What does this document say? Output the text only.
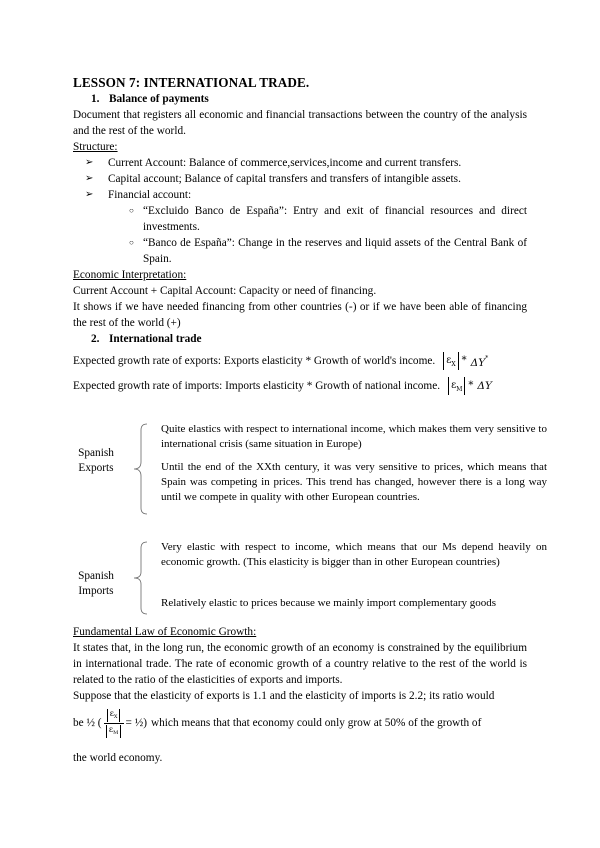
LESSON 7: INTERNATIONAL TRADE.

1. Balance of payments

Document that registers all economic and financial transactions between the country of the analysis and the rest of the world.

Structure:

➢ Current Account: Balance of commerce,services,income and current transfers.
➢ Capital account; Balance of capital transfers and transfers of intangible assets.
➢ Financial account:
○ “Excluido Banco de España”: Entry and exit of financial resources and direct investments.
○ “Banco de España”: Change in the reserves and liquid assets of the Central Bank of Spain.

Economic Interpretation:

Current Account + Capital Account: Capacity or need of financing.

It shows if we have needed financing from other countries (-) or if we have been able of financing the rest of the world (+)

2. International trade

Expected growth rate of exports: Exports elasticity * Growth of world's income.	$\varepsilon_X * \Delta Y^*$
Expected growth rate of imports: Imports elasticity * Growth of national income.	$\varepsilon_M$ * ΔY
Spanish
Exports

Quite elastics with respect to international income, which makes them very sensitive to international crisis (same situation in Europe)

Until the end of the XXth century, it was very sensitive to prices, which means that Spain was competing in prices. This trend has changed, however there is a long way until we compete in quality with other European countries.

Spanish
Imports

Very elastic with respect to income, which means that our Ms depend heavily on economic growth. (This elasticity is bigger than in other European countries)

Relatively elastic to prices because we mainly import complementary goods

Fundamental Law of Economic Growth:

It states that, in the long run, the economic growth of an economy is constrained by the equilibrium in international trade. The rate of economic growth of a country relative to the rest of the world is related to the ratio of the elasticities of exports and imports.

Suppose that the elasticity of exports is 1.1 and the elasticity of imports is 2.2; its ratio would

be ½ ( $\frac{\varepsilon_X}{\varepsilon_M}$ = ½) which means that that economy could only grow at 50% of the growth of

the world economy.
